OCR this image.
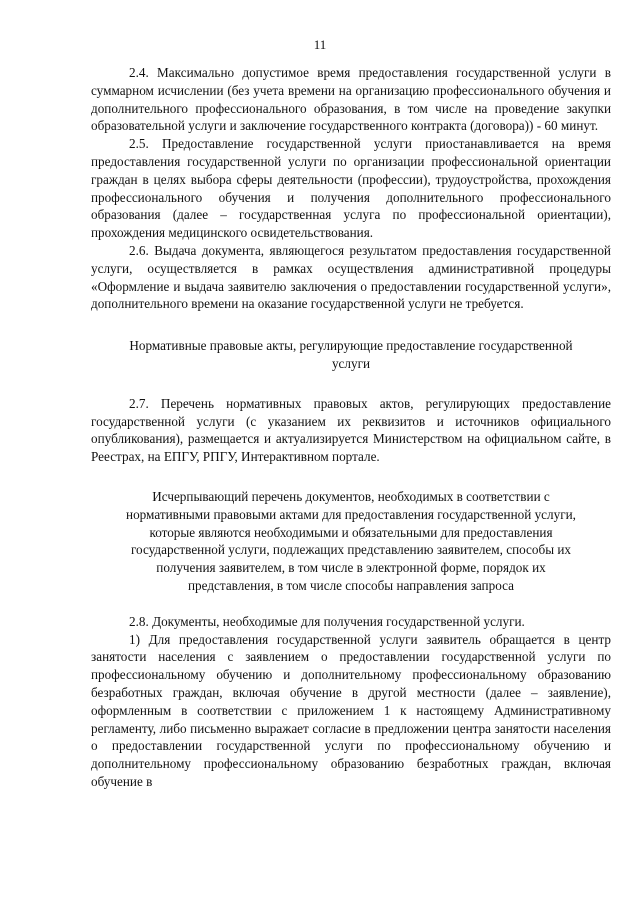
11

2.4. Максимально допустимое время предоставления государственной услуги в суммарном исчислении (без учета времени на организацию профессионального обучения и дополнительного профессионального образования, в том числе на проведение закупки образовательной услуги и заключение государственного контракта (договора)) - 60 минут.

2.5. Предоставление государственной услуги приостанавливается на время предоставления государственной услуги по организации профессиональной ориентации граждан в целях выбора сферы деятельности (профессии), трудоустройства, прохождения профессионального обучения и получения дополнительного профессионального образования (далее – государственная услуга по профессиональной ориентации), прохождения медицинского освидетельствования.

2.6. Выдача документа, являющегося результатом предоставления государственной услуги, осуществляется в рамках осуществления административной процедуры «Оформление и выдача заявителю заключения о предоставлении государственной услуги», дополнительного времени на оказание государственной услуги не требуется.

Нормативные правовые акты, регулирующие предоставление государственной услуги

2.7. Перечень нормативных правовых актов, регулирующих предоставление государственной услуги (с указанием их реквизитов и источников официального опубликования), размещается и актуализируется Министерством на официальном сайте, в Реестрах, на ЕПГУ, РПГУ, Интерактивном портале.

Исчерпывающий перечень документов, необходимых в соответствии с нормативными правовыми актами для предоставления государственной услуги, которые являются необходимыми и обязательными для предоставления государственной услуги, подлежащих представлению заявителем, способы их получения заявителем, в том числе в электронной форме, порядок их представления, в том числе способы направления запроса

2.8. Документы, необходимые для получения государственной услуги.

1) Для предоставления государственной услуги заявитель обращается в центр занятости населения с заявлением о предоставлении государственной услуги по профессиональному обучению и дополнительному профессиональному образованию безработных граждан, включая обучение в другой местности (далее – заявление), оформленным в соответствии с приложением 1 к настоящему Административному регламенту, либо письменно выражает согласие в предложении центра занятости населения о предоставлении государственной услуги по профессиональному обучению и дополнительному профессиональному образованию безработных граждан, включая обучение в
